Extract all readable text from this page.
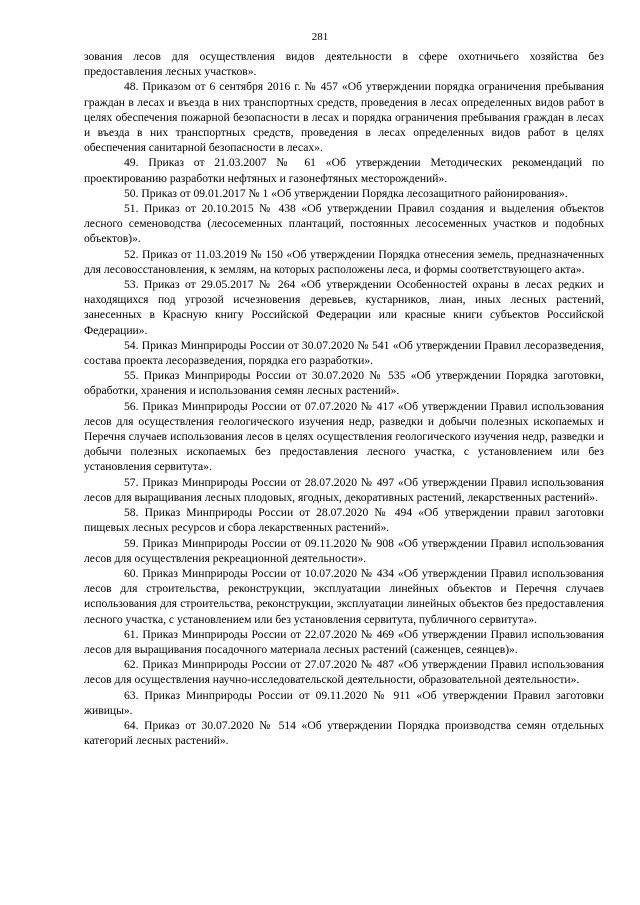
281

зования лесов для осуществления видов деятельности в сфере охотничьего хозяйства без предоставления лесных участков».

48. Приказом от 6 сентября 2016 г. № 457 «Об утверждении порядка ограничения пребывания граждан в лесах и въезда в них транспортных средств, проведения в лесах определенных видов работ в целях обеспечения пожарной безопасности в лесах и порядка ограничения пребывания граждан в лесах и въезда в них транспортных средств, проведения в лесах определенных видов работ в целях обеспечения санитарной безопасности в лесах».

49. Приказ от 21.03.2007 № 61 «Об утверждении Методических рекомендаций по проектированию разработки нефтяных и газонефтяных месторождений».

50. Приказ от 09.01.2017 № 1 «Об утверждении Порядка лесозащитного районирования».

51. Приказ от 20.10.2015 № 438 «Об утверждении Правил создания и выделения объектов лесного семеноводства (лесосеменных плантаций, постоянных лесосеменных участков и подобных объектов)».

52. Приказ от 11.03.2019 № 150 «Об утверждении Порядка отнесения земель, предназначенных для лесовосстановления, к землям, на которых расположены леса, и формы соответствующего акта».

53. Приказ от 29.05.2017 № 264 «Об утверждении Особенностей охраны в лесах редких и находящихся под угрозой исчезновения деревьев, кустарников, лиан, иных лесных растений, занесенных в Красную книгу Российской Федерации или красные книги субъектов Российской Федерации».

54. Приказ Минприроды России от 30.07.2020 № 541 «Об утверждении Правил лесоразведения, состава проекта лесоразведения, порядка его разработки».

55. Приказ Минприроды России от 30.07.2020 № 535 «Об утверждении Порядка заготовки, обработки, хранения и использования семян лесных растений».

56. Приказ Минприроды России от 07.07.2020 № 417 «Об утверждении Правил использования лесов для осуществления геологического изучения недр, разведки и добычи полезных ископаемых и Перечня случаев использования лесов в целях осуществления геологического изучения недр, разведки и добычи полезных ископаемых без предоставления лесного участка, с установлением или без установления сервитута».

57. Приказ Минприроды России от 28.07.2020 № 497 «Об утверждении Правил использования лесов для выращивания лесных плодовых, ягодных, декоративных растений, лекарственных растений».

58. Приказ Минприроды России от 28.07.2020 № 494 «Об утверждении правил заготовки пищевых лесных ресурсов и сбора лекарственных растений».

59. Приказ Минприроды России от 09.11.2020 № 908 «Об утверждении Правил использования лесов для осуществления рекреационной деятельности».

60. Приказ Минприроды России от 10.07.2020 № 434 «Об утверждении Правил использования лесов для строительства, реконструкции, эксплуатации линейных объектов и Перечня случаев использования для строительства, реконструкции, эксплуатации линейных объектов без предоставления лесного участка, с установлением или без установления сервитута, публичного сервитута».

61. Приказ Минприроды России от 22.07.2020 № 469 «Об утверждении Правил использования лесов для выращивания посадочного материала лесных растений (саженцев, сеянцев)».

62. Приказ Минприроды России от 27.07.2020 № 487 «Об утверждении Правил использования лесов для осуществления научно-исследовательской деятельности, образовательной деятельности».

63. Приказ Минприроды России от 09.11.2020 № 911 «Об утверждении Правил заготовки живицы».

64. Приказ от 30.07.2020 № 514 «Об утверждении Порядка производства семян отдельных категорий лесных растений».
